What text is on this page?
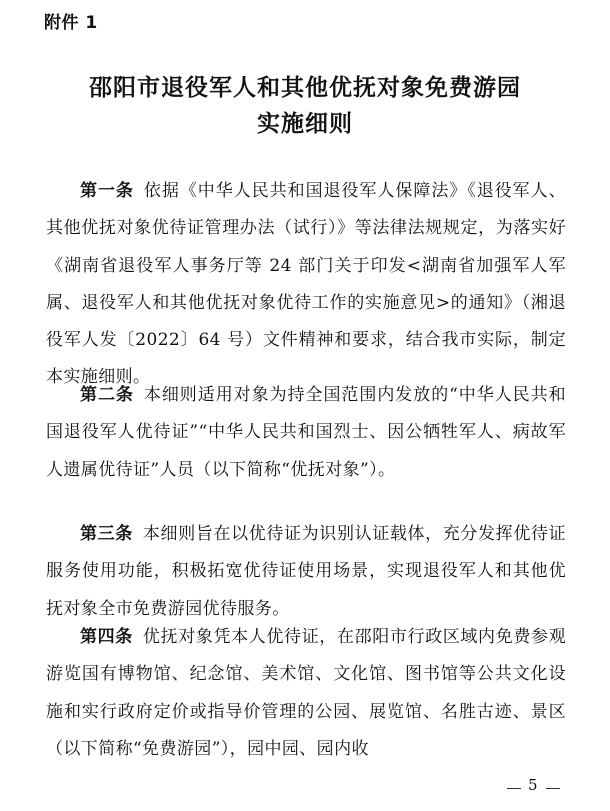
附件 1
邵阳市退役军人和其他优抚对象免费游园
实施细则
第一条 依据《中华人民共和国退役军人保障法》《退役军人、其他优抚对象优待证管理办法（试行）》等法律法规规定，为落实好《湖南省退役军人事务厅等 24 部门关于印发<湖南省加强军人军属、退役军人和其他优抚对象优待工作的实施意见>的通知》（湘退役军人发〔2022〕64 号）文件精神和要求，结合我市实际，制定本实施细则。
第二条 本细则适用对象为持全国范围内发放的“中华人民共和国退役军人优待证”“中华人民共和国烈士、因公牺牲军人、病故军人遗属优待证”人员（以下简称“优抚对象”）。
第三条 本细则旨在以优待证为识别认证载体，充分发挥优待证服务使用功能，积极拓宽优待证使用场景，实现退役军人和其他优抚对象全市免费游园优待服务。
第四条 优抚对象凭本人优待证，在邵阳市行政区域内免费参观游览国有博物馆、纪念馆、美术馆、文化馆、图书馆等公共文化设施和实行政府定价或指导价管理的公园、展览馆、名胜古迹、景区（以下简称“免费游园”），园中园、园内收
5
